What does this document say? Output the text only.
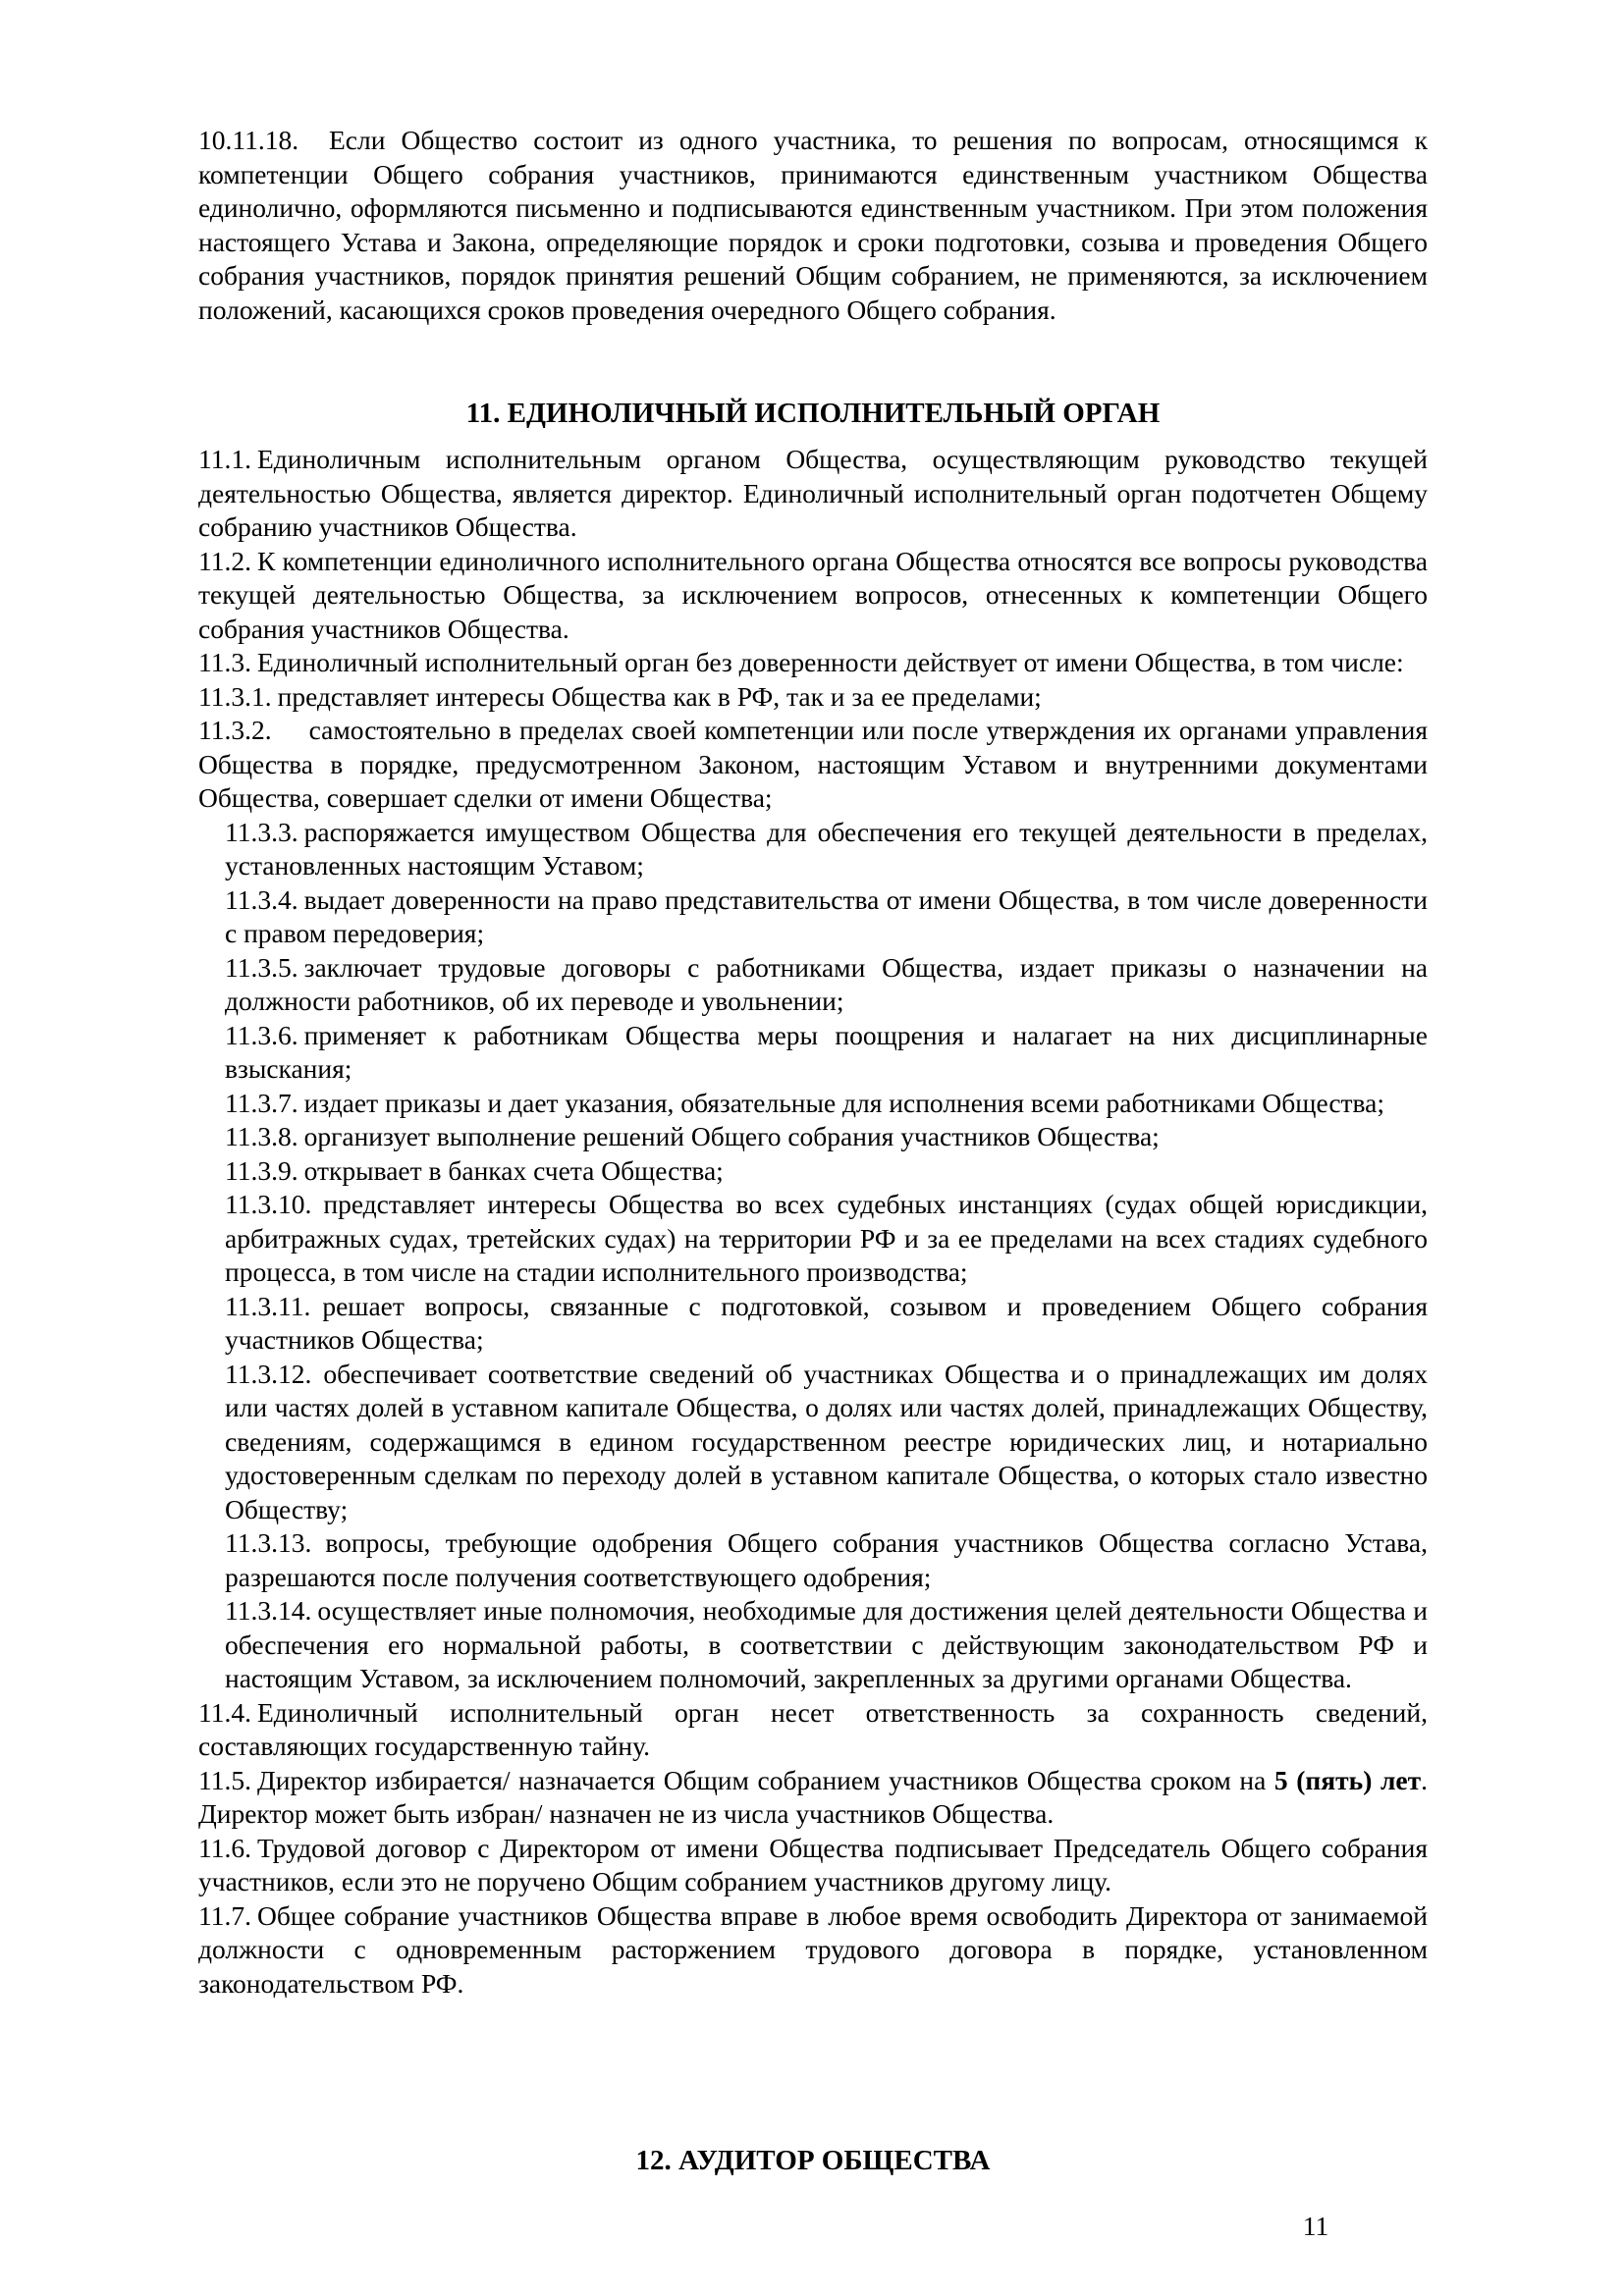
10.11.18. Если Общество состоит из одного участника, то решения по вопросам, относящимся к компетенции Общего собрания участников, принимаются единственным участником Общества единолично, оформляются письменно и подписываются единственным участником. При этом положения настоящего Устава и Закона, определяющие порядок и сроки подготовки, созыва и проведения Общего собрания участников, порядок принятия решений Общим собранием, не применяются, за исключением положений, касающихся сроков проведения очередного Общего собрания.

11. ЕДИНОЛИЧНЫЙ ИСПОЛНИТЕЛЬНЫЙ ОРГАН

11.1. Единоличным исполнительным органом Общества, осуществляющим руководство текущей деятельностью Общества, является директор. Единоличный исполнительный орган подотчетен Общему собранию участников Общества.

11.2. К компетенции единоличного исполнительного органа Общества относятся все вопросы руководства текущей деятельностью Общества, за исключением вопросов, отнесенных к компетенции Общего собрания участников Общества.

11.3. Единоличный исполнительный орган без доверенности действует от имени Общества, в том числе:

11.3.1. представляет интересы Общества как в РФ, так и за ее пределами;

11.3.2. самостоятельно в пределах своей компетенции или после утверждения их органами управления Общества в порядке, предусмотренном Законом, настоящим Уставом и внутренними документами Общества, совершает сделки от имени Общества;

11.3.3. распоряжается имуществом Общества для обеспечения его текущей деятельности в пределах, установленных настоящим Уставом;

11.3.4. выдает доверенности на право представительства от имени Общества, в том числе доверенности с правом передоверия;

11.3.5. заключает трудовые договоры с работниками Общества, издает приказы о назначении на должности работников, об их переводе и увольнении;

11.3.6. применяет к работникам Общества меры поощрения и налагает на них дисциплинарные взыскания;

11.3.7. издает приказы и дает указания, обязательные для исполнения всеми работниками Общества;

11.3.8. организует выполнение решений Общего собрания участников Общества;

11.3.9. открывает в банках счета Общества;

11.3.10. представляет интересы Общества во всех судебных инстанциях (судах общей юрисдикции, арбитражных судах, третейских судах) на территории РФ и за ее пределами на всех стадиях судебного процесса, в том числе на стадии исполнительного производства;

11.3.11. решает вопросы, связанные с подготовкой, созывом и проведением Общего собрания участников Общества;

11.3.12. обеспечивает соответствие сведений об участниках Общества и о принадлежащих им долях или частях долей в уставном капитале Общества, о долях или частях долей, принадлежащих Обществу, сведениям, содержащимся в едином государственном реестре юридических лиц, и нотариально удостоверенным сделкам по переходу долей в уставном капитале Общества, о которых стало известно Обществу;

11.3.13. вопросы, требующие одобрения Общего собрания участников Общества согласно Устава, разрешаются после получения соответствующего одобрения;

11.3.14. осуществляет иные полномочия, необходимые для достижения целей деятельности Общества и обеспечения его нормальной работы, в соответствии с действующим законодательством РФ и настоящим Уставом, за исключением полномочий, закрепленных за другими органами Общества.

11.4. Единоличный исполнительный орган несет ответственность за сохранность сведений, составляющих государственную тайну.

11.5. Директор избирается/ назначается Общим собранием участников Общества сроком на 5 (пять) лет. Директор может быть избран/ назначен не из числа участников Общества.

11.6. Трудовой договор с Директором от имени Общества подписывает Председатель Общего собрания участников, если это не поручено Общим собранием участников другому лицу.

11.7. Общее собрание участников Общества вправе в любое время освободить Директора от занимаемой должности с одновременным расторжением трудового договора в порядке, установленном законодательством РФ.

12. АУДИТОР ОБЩЕСТВА
11
